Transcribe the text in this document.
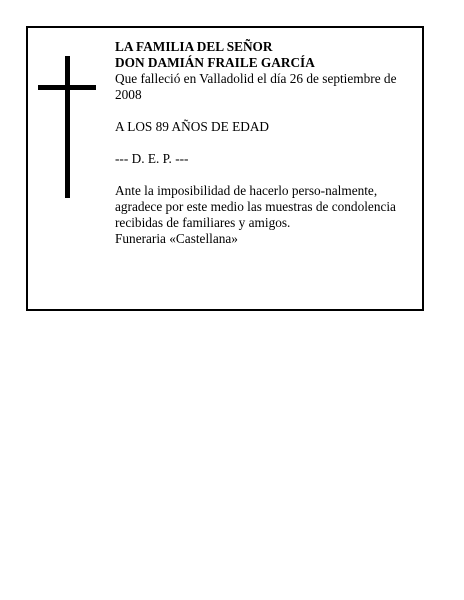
LA FAMILIA DEL SEÑOR

DON DAMIÁN FRAILE GARCÍA

Que falleció en Valladolid el día 26 de septiembre de 2008

A LOS 89 AÑOS DE EDAD

--- D. E. P. ---

Ante la imposibilidad de hacerlo perso-nalmente, agradece por este medio las muestras de condolencia recibidas de familiares y amigos.

Funeraria «Castellana»
